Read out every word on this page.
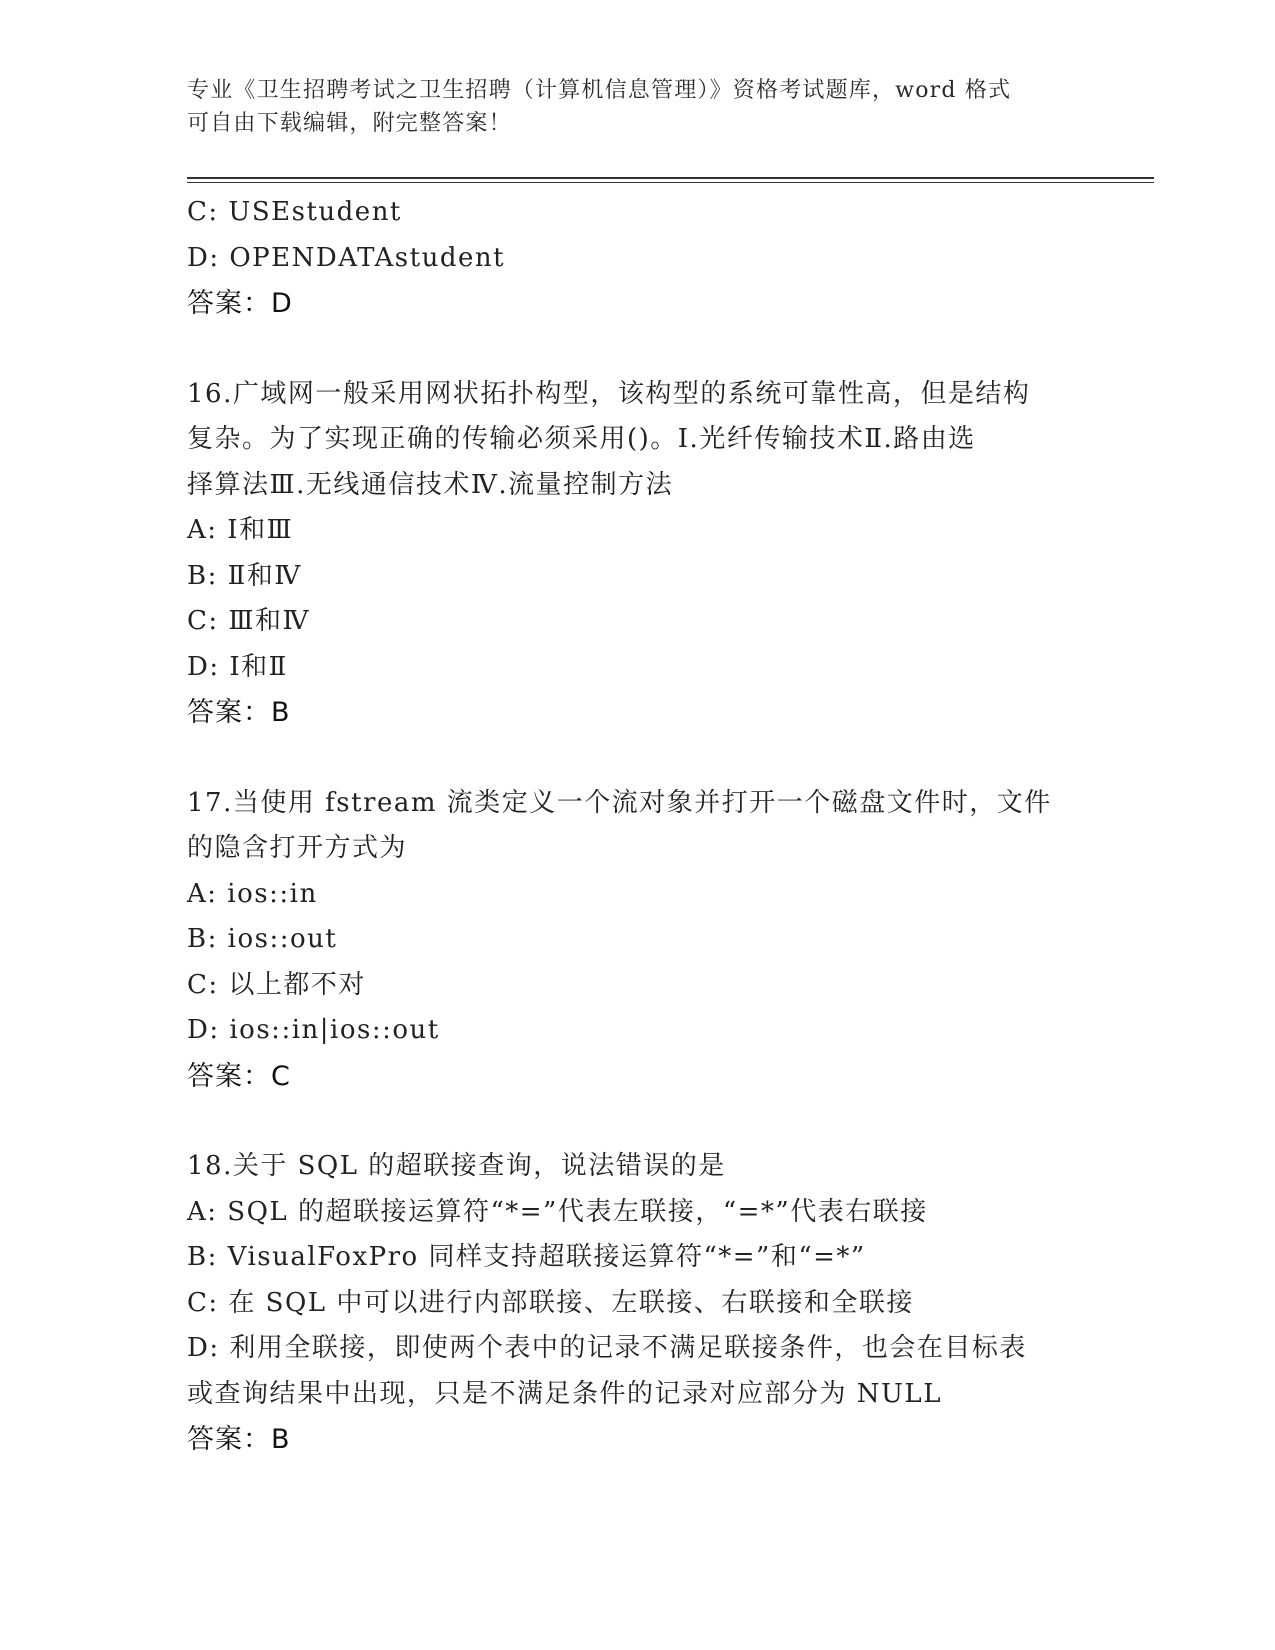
专业《卫生招聘考试之卫生招聘（计算机信息管理）》资格考试题库，word 格式
可自由下载编辑，附完整答案！
C: USEstudent
D: OPENDATAstudent
答案：D
16.广域网一般采用网状拓扑构型，该构型的系统可靠性高，但是结构
复杂。为了实现正确的传输必须采用()。Ⅰ.光纤传输技术Ⅱ.路由选
择算法Ⅲ.无线通信技术Ⅳ.流量控制方法
A: Ⅰ和Ⅲ
B: Ⅱ和Ⅳ
C: Ⅲ和Ⅳ
D: Ⅰ和Ⅱ
答案：B
17.当使用 fstream 流类定义一个流对象并打开一个磁盘文件时，文件
的隐含打开方式为
A: ios::in
B: ios::out
C: 以上都不对
D: ios::in|ios::out
答案：C
18.关于 SQL 的超联接查询，说法错误的是
A: SQL 的超联接运算符“*=”代表左联接，“=*”代表右联接
B: VisualFoxPro 同样支持超联接运算符“*=”和“=*”
C: 在 SQL 中可以进行内部联接、左联接、右联接和全联接
D: 利用全联接，即使两个表中的记录不满足联接条件，也会在目标表
或查询结果中出现，只是不满足条件的记录对应部分为 NULL
答案：B
